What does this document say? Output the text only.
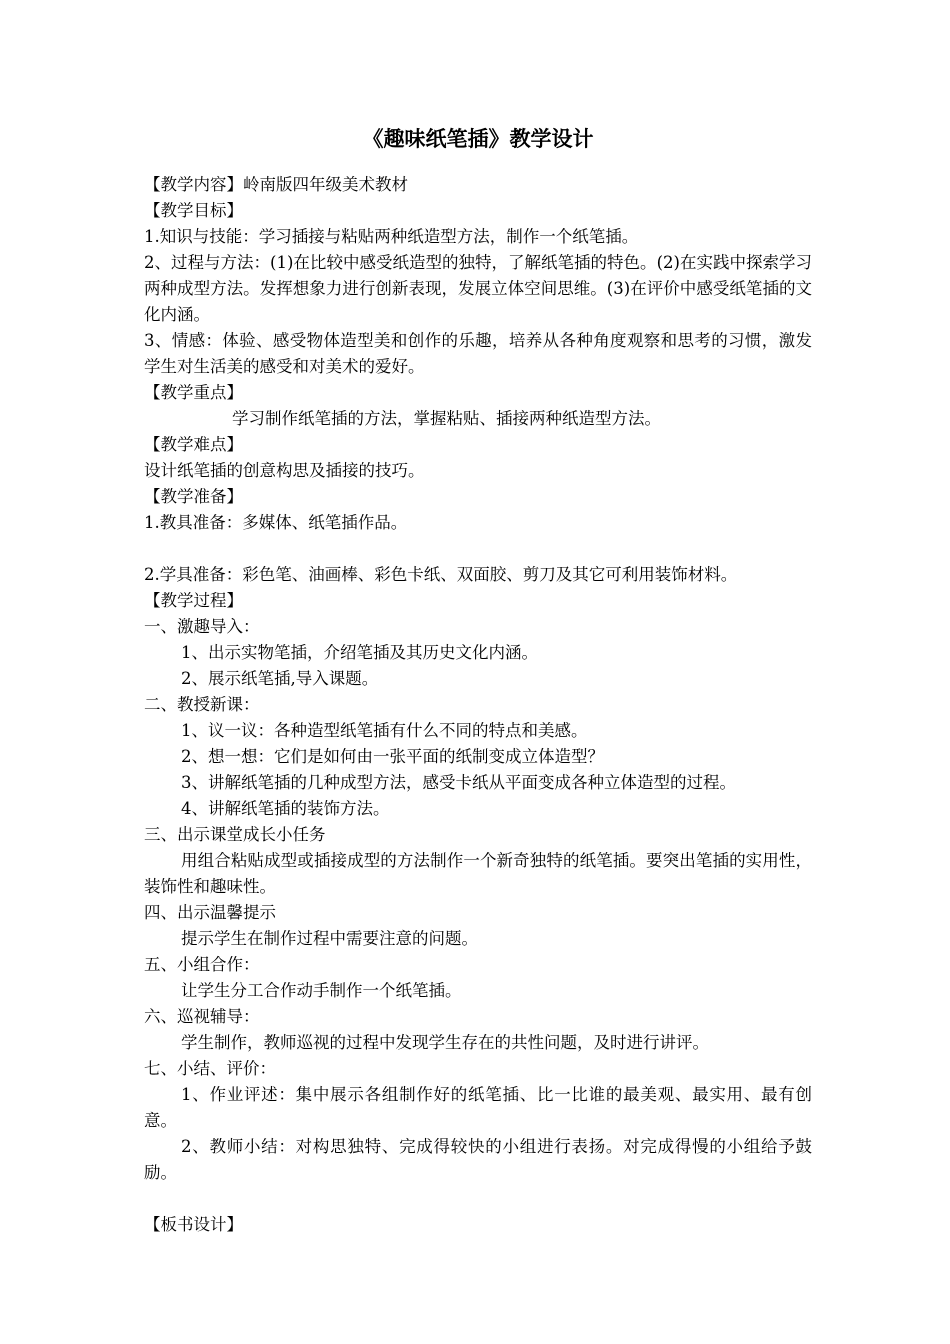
《趣味纸笔插》教学设计

【教学内容】岭南版四年级美术教材

【教学目标】

1.知识与技能：学习插接与粘贴两种纸造型方法，制作一个纸笔插。

2、过程与方法：(1)在比较中感受纸造型的独特，了解纸笔插的特色。(2)在实践中探索学习两种成型方法。发挥想象力进行创新表现，发展立体空间思维。(3)在评价中感受纸笔插的文化内涵。

3、情感：体验、感受物体造型美和创作的乐趣，培养从各种角度观察和思考的习惯，激发学生对生活美的感受和对美术的爱好。

【教学重点】

学习制作纸笔插的方法，掌握粘贴、插接两种纸造型方法。

【教学难点】

设计纸笔插的创意构思及插接的技巧。

【教学准备】

1.教具准备：多媒体、纸笔插作品。

2.学具准备：彩色笔、油画棒、彩色卡纸、双面胶、剪刀及其它可利用装饰材料。

【教学过程】

一、激趣导入：

1、出示实物笔插，介绍笔插及其历史文化内涵。

2、展示纸笔插,导入课题。

二、教授新课：

1、议一议：各种造型纸笔插有什么不同的特点和美感。

2、想一想：它们是如何由一张平面的纸制变成立体造型？

3、讲解纸笔插的几种成型方法，感受卡纸从平面变成各种立体造型的过程。

4、讲解纸笔插的装饰方法。

三、出示课堂成长小任务

用组合粘贴成型或插接成型的方法制作一个新奇独特的纸笔插。要突出笔插的实用性，装饰性和趣味性。

四、出示温馨提示

提示学生在制作过程中需要注意的问题。

五、小组合作：

让学生分工合作动手制作一个纸笔插。

六、巡视辅导：

学生制作，教师巡视的过程中发现学生存在的共性问题，及时进行讲评。

七、小结、评价：

1、作业评述：集中展示各组制作好的纸笔插、比一比谁的最美观、最实用、最有创意。

2、教师小结：对构思独特、完成得较快的小组进行表扬。对完成得慢的小组给予鼓励。

【板书设计】
